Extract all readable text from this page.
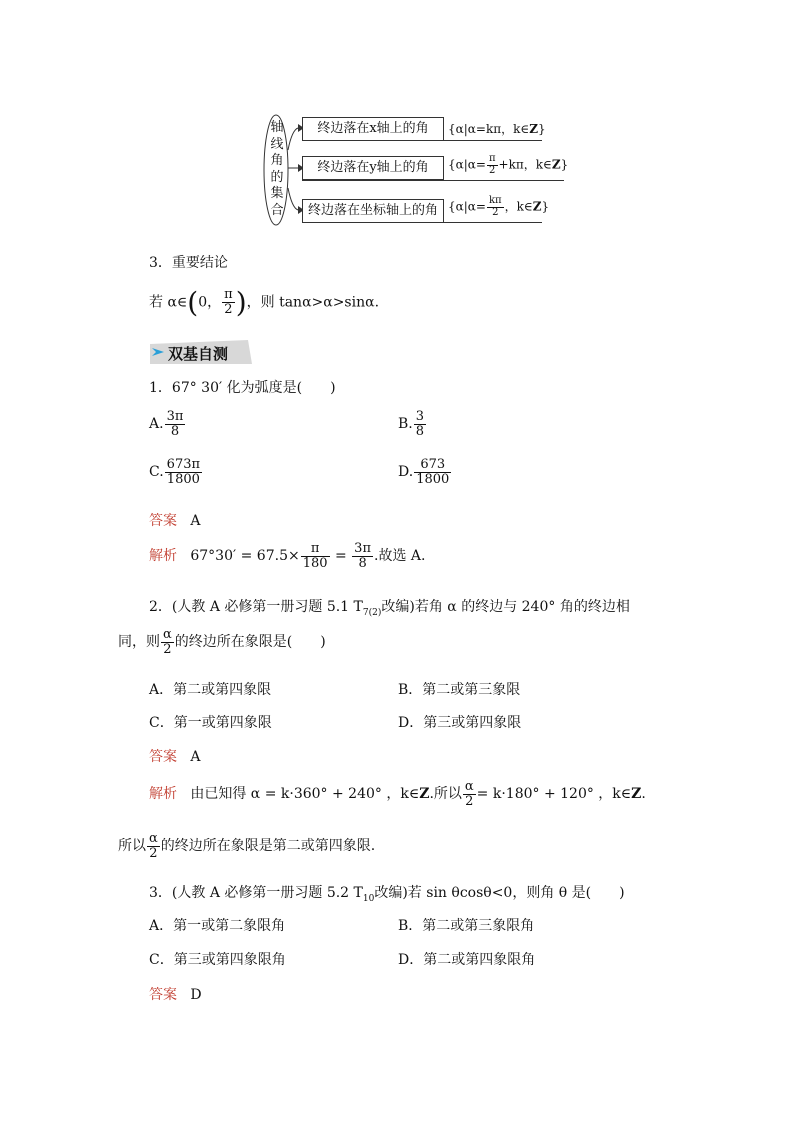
轴
线
角
的
集
合
终边落在x轴上的角	{α|α=kπ，k∈Z}
终边落在y轴上的角	{$\alpha|\alpha= \frac{\pi}{2} +k\pi$，k∈Z}
终边落在坐标轴上的角 {$\alpha|\alpha= \frac{k\pi}{2}$ ，k∈Z}
3．重要结论
若 α∈(0， $\frac{\pi}{2}$ )，则 tanα>α>sinα.
双基自测
1．67° 30′ 化为弧度是(　　)
A. $\frac{3\pi}{8}$	B. $\frac{3}{8}$
C. $\frac{673\pi}{1800}$	D. $\frac{673}{1800}$
答案 A
解析 $67^\circ 30' = 67.5\times \frac{\pi}{180} = \frac{3\pi}{8}$ .故选 A.
2．(人教 A 必修第一册习题 5.1 $T_{7(2)}$改编)若角 α 的终边与 240° 角的终边相
同，则 $\frac{\alpha}{2}$ 的终边所在象限是(　　)
A．第二或第四象限	B．第二或第三象限
C．第一或第四象限	D．第三或第四象限
答案 A
解析 由已知得 α = k·360° + 240° ，k∈Z.所以 $\frac{\alpha}{2} = k\cdot 180^\circ + 120^\circ$ ，k∈Z.
所以 $\frac{\alpha}{2}$ 的终边所在象限是第二或第四象限.
3．(人教 A 必修第一册习题 5.2 $T_{10}$改编)若 sin θcosθ<0，则角 θ 是(　　)
A．第一或第二象限角	B．第二或第三象限角
C．第三或第四象限角	D．第二或第四象限角
答案 D
